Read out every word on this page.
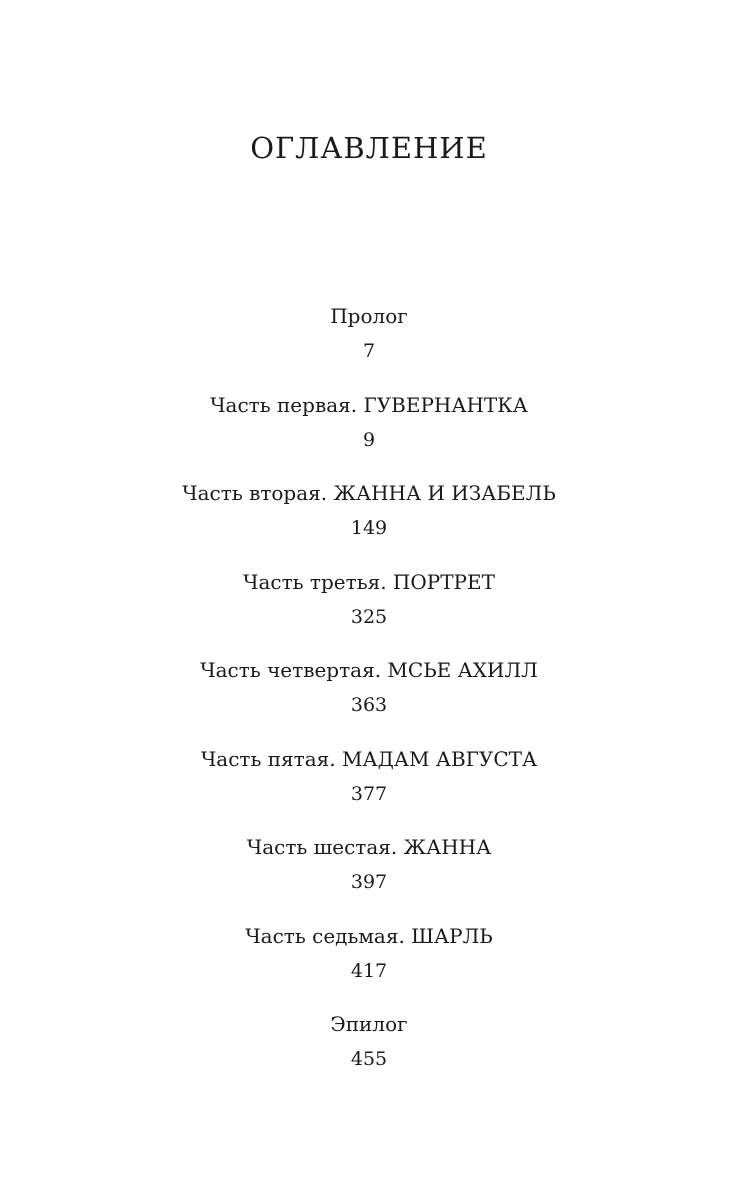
ОГЛАВЛЕНИЕ
Пролог
7
Часть первая. ГУВЕРНАНТКА
9
Часть вторая. ЖАННА И ИЗАБЕЛЬ
149
Часть третья. ПОРТРЕТ
325
Часть четвертая. МСЬЕ АХИЛЛ
363
Часть пятая. МАДАМ АВГУСТА
377
Часть шестая. ЖАННА
397
Часть седьмая. ШАРЛЬ
417
Эпилог
455
